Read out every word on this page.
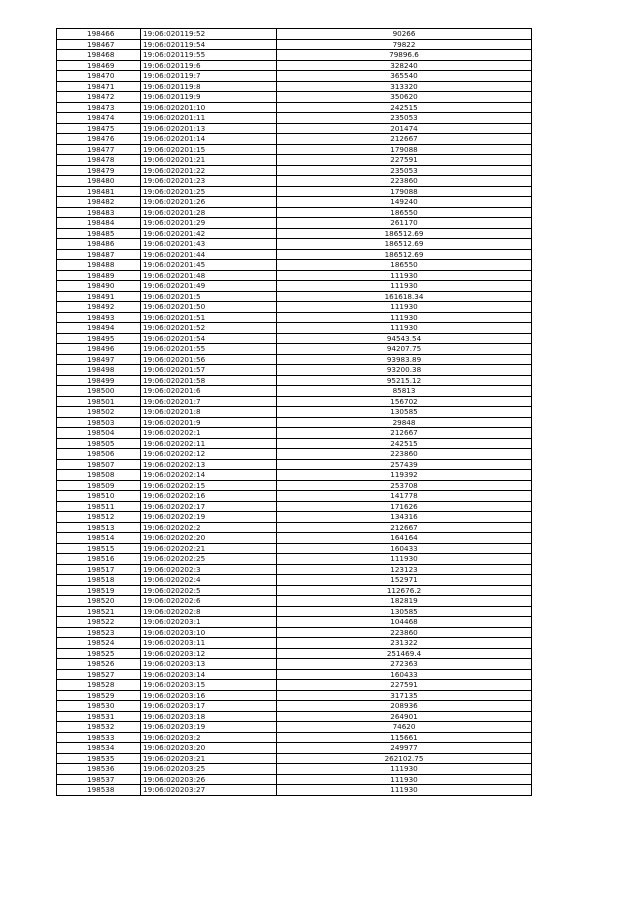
198466	19:06:020119:52	90266
198467	19:06:020119:54	79822
198468	19:06:020119:55	79896.6
198469	19:06:020119:6	328240
198470	19:06:020119:7	365540
198471	19:06:020119:8	313320
198472	19:06:020119:9	350620
198473	19:06:020201:10	242515
198474	19:06:020201:11	235053
198475	19:06:020201:13	201474
198476	19:06:020201:14	212667
198477	19:06:020201:15	179088
198478	19:06:020201:21	227591
198479	19:06:020201:22	235053
198480	19:06:020201:23	223860
198481	19:06:020201:25	179088
198482	19:06:020201:26	149240
198483	19:06:020201:28	186550
198484	19:06:020201:29	261170
198485	19:06:020201:42	186512.69
198486	19:06:020201:43	186512.69
198487	19:06:020201:44	186512.69
198488	19:06:020201:45	186550
198489	19:06:020201:48	111930
198490	19:06:020201:49	111930
198491	19:06:020201:5	161618.34
198492	19:06:020201:50	111930
198493	19:06:020201:51	111930
198494	19:06:020201:52	111930
198495	19:06:020201:54	94543.54
198496	19:06:020201:55	94207.75
198497	19:06:020201:56	93983.89
198498	19:06:020201:57	93200.38
198499	19:06:020201:58	95215.12
198500	19:06:020201:6	85813
198501	19:06:020201:7	156702
198502	19:06:020201:8	130585
198503	19:06:020201:9	29848
198504	19:06:020202:1	212667
198505	19:06:020202:11	242515
198506	19:06:020202:12	223860
198507	19:06:020202:13	257439
198508	19:06:020202:14	119392
198509	19:06:020202:15	253708
198510	19:06:020202:16	141778
198511	19:06:020202:17	171626
198512	19:06:020202:19	134316
198513	19:06:020202:2	212667
198514	19:06:020202:20	164164
198515	19:06:020202:21	160433
198516	19:06:020202:25	111930
198517	19:06:020202:3	123123
198518	19:06:020202:4	152971
198519	19:06:020202:5	112676.2
198520	19:06:020202:6	182819
198521	19:06:020202:8	130585
198522	19:06:020203:1	104468
198523	19:06:020203:10	223860
198524	19:06:020203:11	231322
198525	19:06:020203:12	251469.4
198526	19:06:020203:13	272363
198527	19:06:020203:14	160433
198528	19:06:020203:15	227591
198529	19:06:020203:16	317135
198530	19:06:020203:17	208936
198531	19:06:020203:18	264901
198532	19:06:020203:19	74620
198533	19:06:020203:2	115661
198534	19:06:020203:20	249977
198535	19:06:020203:21	262102.75
198536	19:06:020203:25	111930
198537	19:06:020203:26	111930
198538	19:06:020203:27	111930
